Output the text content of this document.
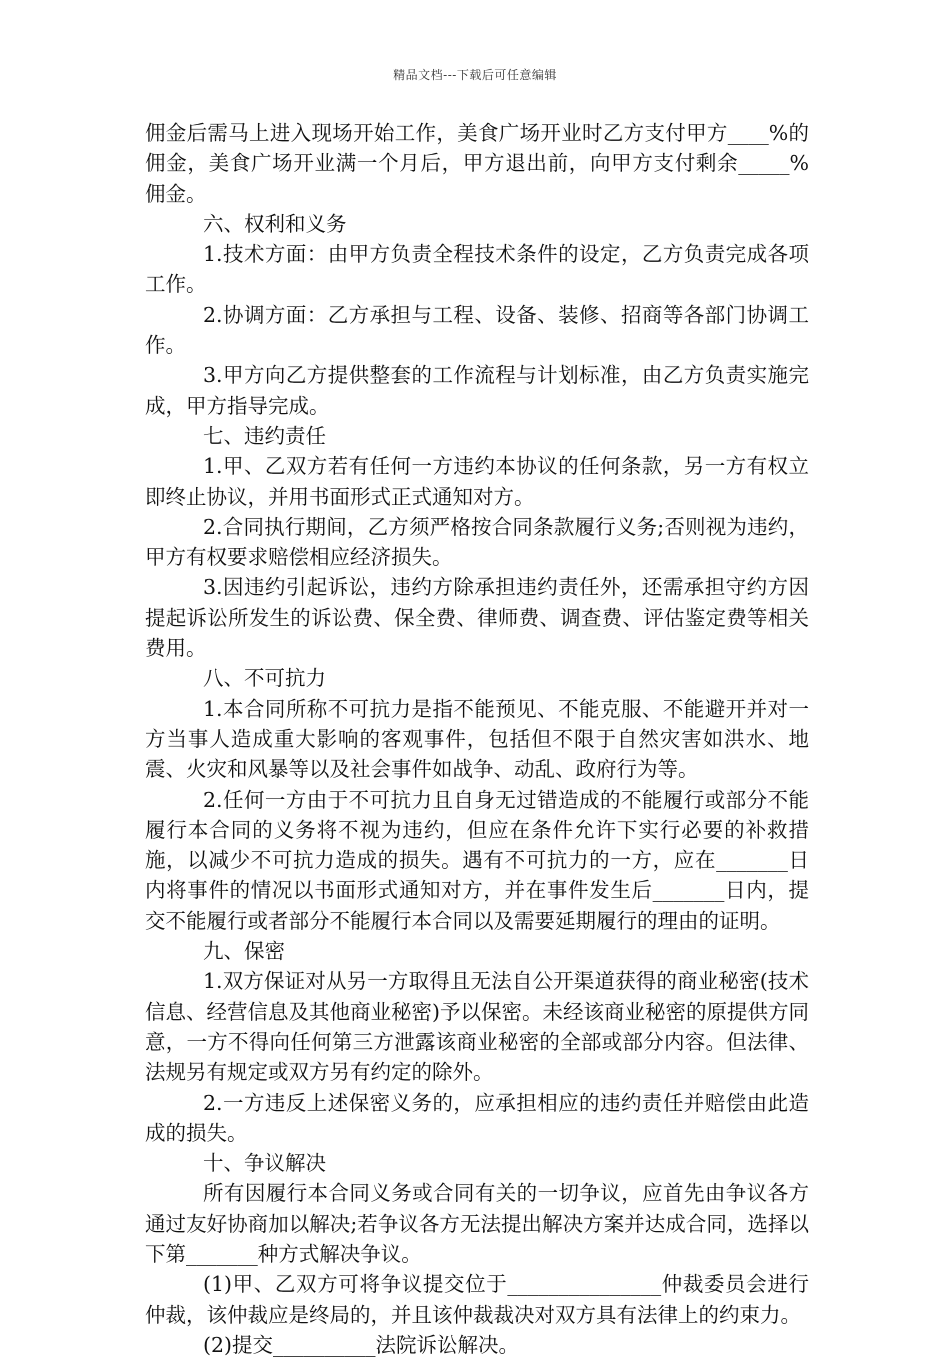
精品文档---下载后可任意编辑

佣金后需马上进入现场开始工作，美食广场开业时乙方支付甲方____%的佣金，美食广场开业满一个月后，甲方退出前，向甲方支付剩余_____%佣金。

六、权利和义务

1.技术方面：由甲方负责全程技术条件的设定，乙方负责完成各项工作。

2.协调方面：乙方承担与工程、设备、装修、招商等各部门协调工作。

3.甲方向乙方提供整套的工作流程与计划标准，由乙方负责实施完成，甲方指导完成。

七、违约责任

1.甲、乙双方若有任何一方违约本协议的任何条款，另一方有权立即终止协议，并用书面形式正式通知对方。

2.合同执行期间，乙方须严格按合同条款履行义务;否则视为违约，甲方有权要求赔偿相应经济损失。

3.因违约引起诉讼，违约方除承担违约责任外，还需承担守约方因提起诉讼所发生的诉讼费、保全费、律师费、调查费、评估鉴定费等相关费用。

八、不可抗力

1.本合同所称不可抗力是指不能预见、不能克服、不能避开并对一方当事人造成重大影响的客观事件，包括但不限于自然灾害如洪水、地震、火灾和风暴等以及社会事件如战争、动乱、政府行为等。

2.任何一方由于不可抗力且自身无过错造成的不能履行或部分不能履行本合同的义务将不视为违约，但应在条件允许下实行必要的补救措施，以减少不可抗力造成的损失。遇有不可抗力的一方，应在_______日内将事件的情况以书面形式通知对方，并在事件发生后_______日内，提交不能履行或者部分不能履行本合同以及需要延期履行的理由的证明。

九、保密

1.双方保证对从另一方取得且无法自公开渠道获得的商业秘密(技术信息、经营信息及其他商业秘密)予以保密。未经该商业秘密的原提供方同意，一方不得向任何第三方泄露该商业秘密的全部或部分内容。但法律、法规另有规定或双方另有约定的除外。

2.一方违反上述保密义务的，应承担相应的违约责任并赔偿由此造成的损失。

十、争议解决

所有因履行本合同义务或合同有关的一切争议，应首先由争议各方通过友好协商加以解决;若争议各方无法提出解决方案并达成合同，选择以下第_______种方式解决争议。

(1)甲、乙双方可将争议提交位于_______________仲裁委员会进行仲裁，该仲裁应是终局的，并且该仲裁裁决对双方具有法律上的约束力。

(2)提交__________法院诉讼解决。
